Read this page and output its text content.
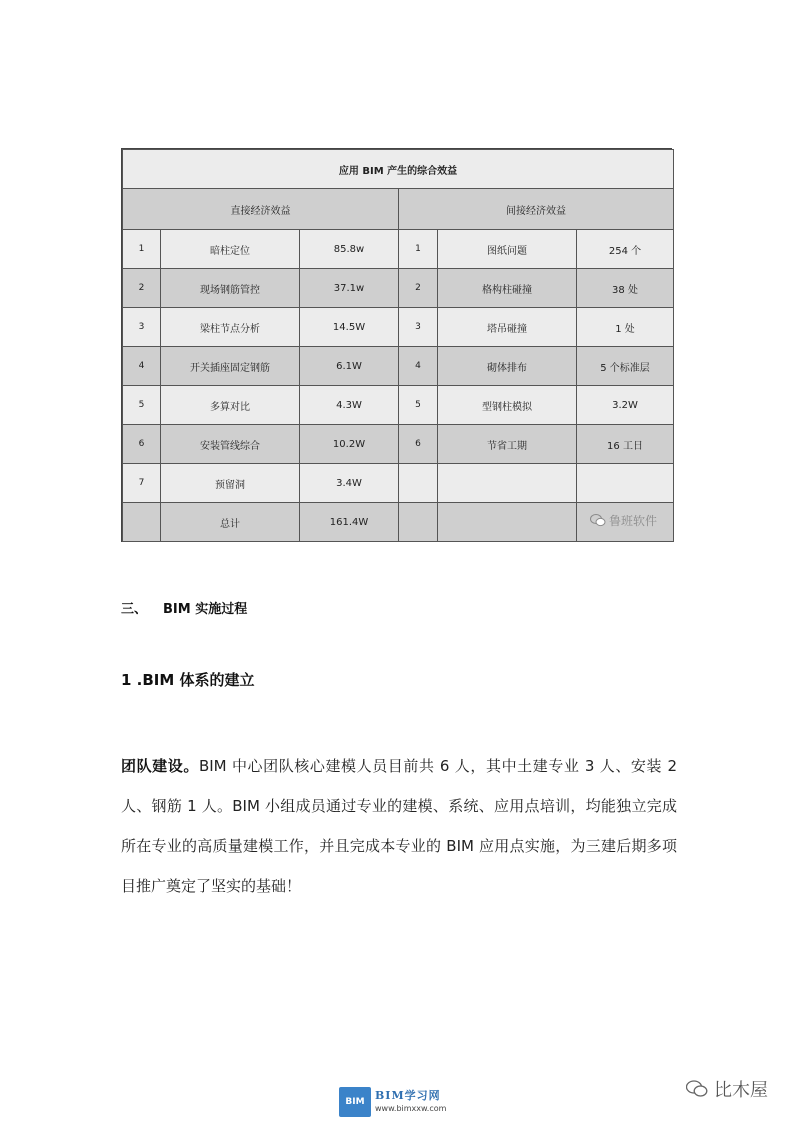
应用 BIM 产生的综合效益					
直接经济效益			间接经济效益		
1	暗柱定位	85.8w	1	图纸问题	254 个
2	现场钢筋管控	37.1w	2	格构柱碰撞	38 处
3	梁柱节点分析	14.5W	3	塔吊碰撞	1 处
4	开关插座固定钢筋	6.1W	4	砌体排布	5 个标准层
5	多算对比	4.3W	5	型钢柱模拟	3.2W
6	安装管线综合	10.2W	6	节省工期	16 工日
7	预留洞	3.4W			
	总计	161.4W				鲁班软件
三、 BIM 实施过程
1 .BIM 体系的建立
团队建设。BIM 中心团队核心建模人员目前共 6 人，其中土建专业 3 人、安装 2 人、钢筋 1 人。BIM 小组成员通过专业的建模、系统、应用点培训，均能独立完成所在专业的高质量建模工作，并且完成本专业的 BIM 应用点实施，为三建后期多项目推广奠定了坚实的基础！
BIM BIM学习网
www.bimxxw.com
比木屋
